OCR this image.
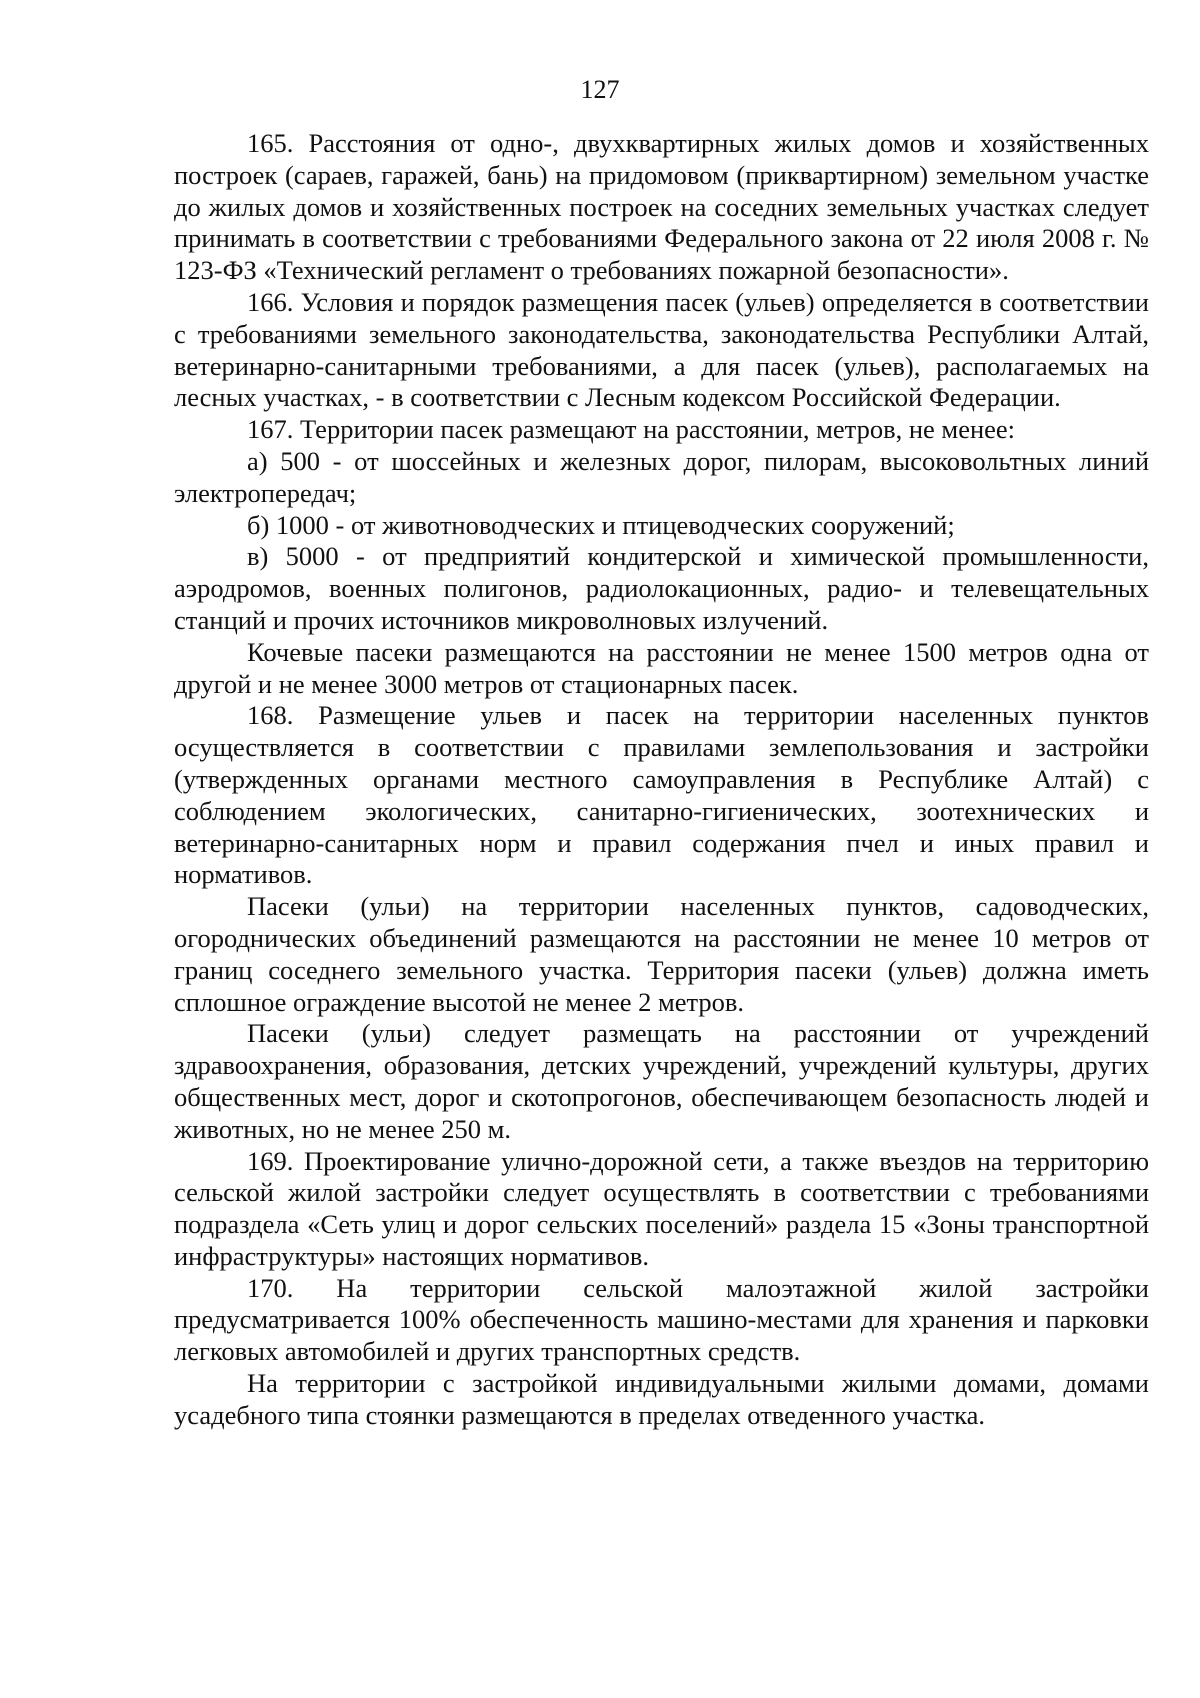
127

165. Расстояния от одно-, двухквартирных жилых домов и хозяйственных построек (сараев, гаражей, бань) на придомовом (приквартирном) земельном участке до жилых домов и хозяйственных построек на соседних земельных участках следует принимать в соответствии с требованиями Федерального закона от 22 июля 2008 г. № 123-ФЗ «Технический регламент о требованиях пожарной безопасности».

166. Условия и порядок размещения пасек (ульев) определяется в соответствии с требованиями земельного законодательства, законодательства Республики Алтай, ветеринарно-санитарными требованиями, а для пасек (ульев), располагаемых на лесных участках, - в соответствии с Лесным кодексом Российской Федерации.

167. Территории пасек размещают на расстоянии, метров, не менее:

а) 500 - от шоссейных и железных дорог, пилорам, высоковольтных линий электропередач;

б) 1000 - от животноводческих и птицеводческих сооружений;

в) 5000 - от предприятий кондитерской и химической промышленности, аэродромов, военных полигонов, радиолокационных, радио- и телевещательных станций и прочих источников микроволновых излучений.

Кочевые пасеки размещаются на расстоянии не менее 1500 метров одна от другой и не менее 3000 метров от стационарных пасек.

168. Размещение ульев и пасек на территории населенных пунктов осуществляется в соответствии с правилами землепользования и застройки (утвержденных органами местного самоуправления в Республике Алтай) с соблюдением экологических, санитарно-гигиенических, зоотехнических и ветеринарно-санитарных норм и правил содержания пчел и иных правил и нормативов.

Пасеки (ульи) на территории населенных пунктов, садоводческих, огороднических объединений размещаются на расстоянии не менее 10 метров от границ соседнего земельного участка. Территория пасеки (ульев) должна иметь сплошное ограждение высотой не менее 2 метров.

Пасеки (ульи) следует размещать на расстоянии от учреждений здравоохранения, образования, детских учреждений, учреждений культуры, других общественных мест, дорог и скотопрогонов, обеспечивающем безопасность людей и животных, но не менее 250 м.

169. Проектирование улично-дорожной сети, а также въездов на территорию сельской жилой застройки следует осуществлять в соответствии с требованиями подраздела «Сеть улиц и дорог сельских поселений» раздела 15 «Зоны транспортной инфраструктуры» настоящих нормативов.

170. На территории сельской малоэтажной жилой застройки предусматривается 100% обеспеченность машино-местами для хранения и парковки легковых автомобилей и других транспортных средств.

На территории с застройкой индивидуальными жилыми домами, домами усадебного типа стоянки размещаются в пределах отведенного участка.
